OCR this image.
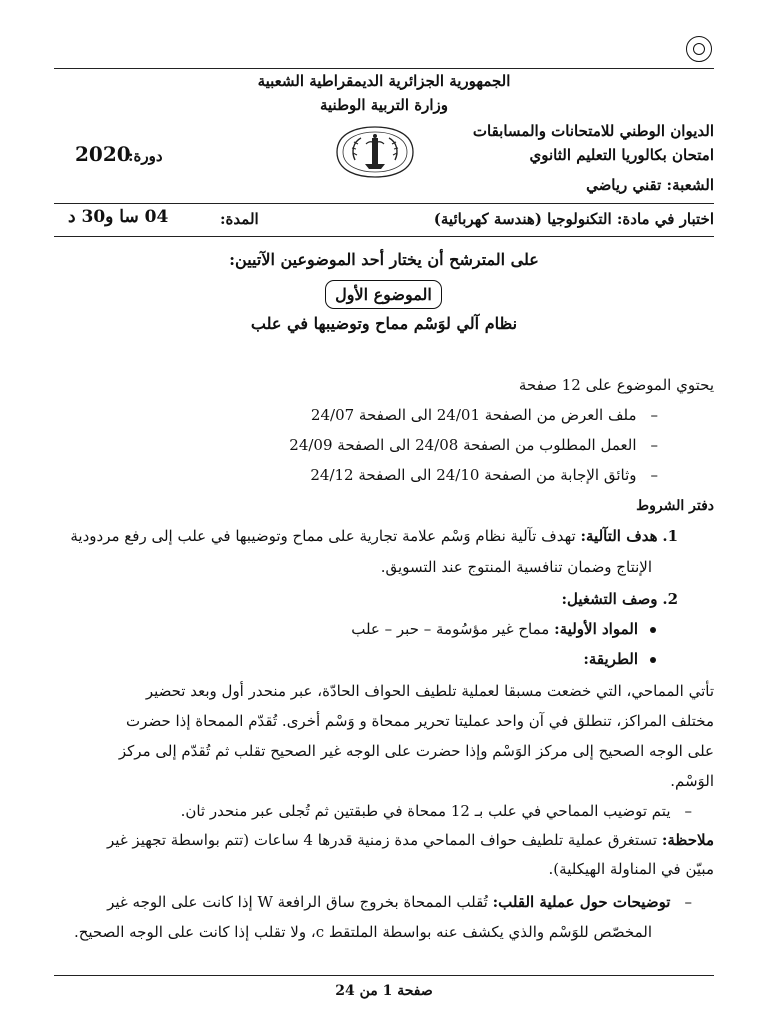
الجمهورية الجزائرية الديمقراطية الشعبية
وزارة التربية الوطنية
الديوان الوطني للامتحانات والمسابقات
امتحان بكالوريا التعليم الثانوي
الشعبة: تقني رياضي
2020
دورة:
اختبار في مادة: التكنولوجيا (هندسة كهربائية)
المدة:
04 سا و30 د
على المترشح أن يختار أحد الموضوعين الآتيين:
الموضوع الأول
نظام آلي لوَسْم مماح وتوضيبها في علب
يحتوي الموضوع على 12 صفحة
–ملف العرض من الصفحة 24/01 الى الصفحة 24/07
–العمل المطلوب من الصفحة 24/08 الى الصفحة 24/09
–وثائق الإجابة من الصفحة 24/10 الى الصفحة 24/12
دفتر الشروط
1. هدف التآلية: تهدف تآلية نظام وَسْم علامة تجارية على مماح وتوضيبها في علب إلى رفع مردودية
الإنتاج وضمان تنافسية المنتوج عند التسويق.
2. وصف التشغيل:
المواد الأولية: مماح غير مؤسُومة – حبر – علب
الطريقة:
تأتي المماحي، التي خضعت مسبقا لعملية تلطيف الحواف الحادّة، عبر منحدر أول وبعد تحضير
مختلف المراكز، تنطلق في آن واحد عمليتا تحرير ممحاة و وَسْم أخرى. تُقدّم الممحاة إذا حضرت
على الوجه الصحيح إلى مركز الوَسْم وإذا حضرت على الوجه غير الصحيح تقلب ثم تُقدّم إلى مركز
الوَسْم.
–يتم توضيب المماحي في علب بـ 12 ممحاة في طبقتين ثم تُجلى عبر منحدر ثان.
ملاحظة: تستغرق عملية تلطيف حواف المماحي مدة زمنية قدرها 4 ساعات (تتم بواسطة تجهيز غير
مبيّن في المناولة الهيكلية).
–توضيحات حول عملية القلب: تُقلب الممحاة بخروج ساق الرافعة W إذا كانت على الوجه غير
المخصّص للوَسْم والذي يكشف عنه بواسطة الملتقط c، ولا تقلب إذا كانت على الوجه الصحيح.
صفحة 1 من 24
